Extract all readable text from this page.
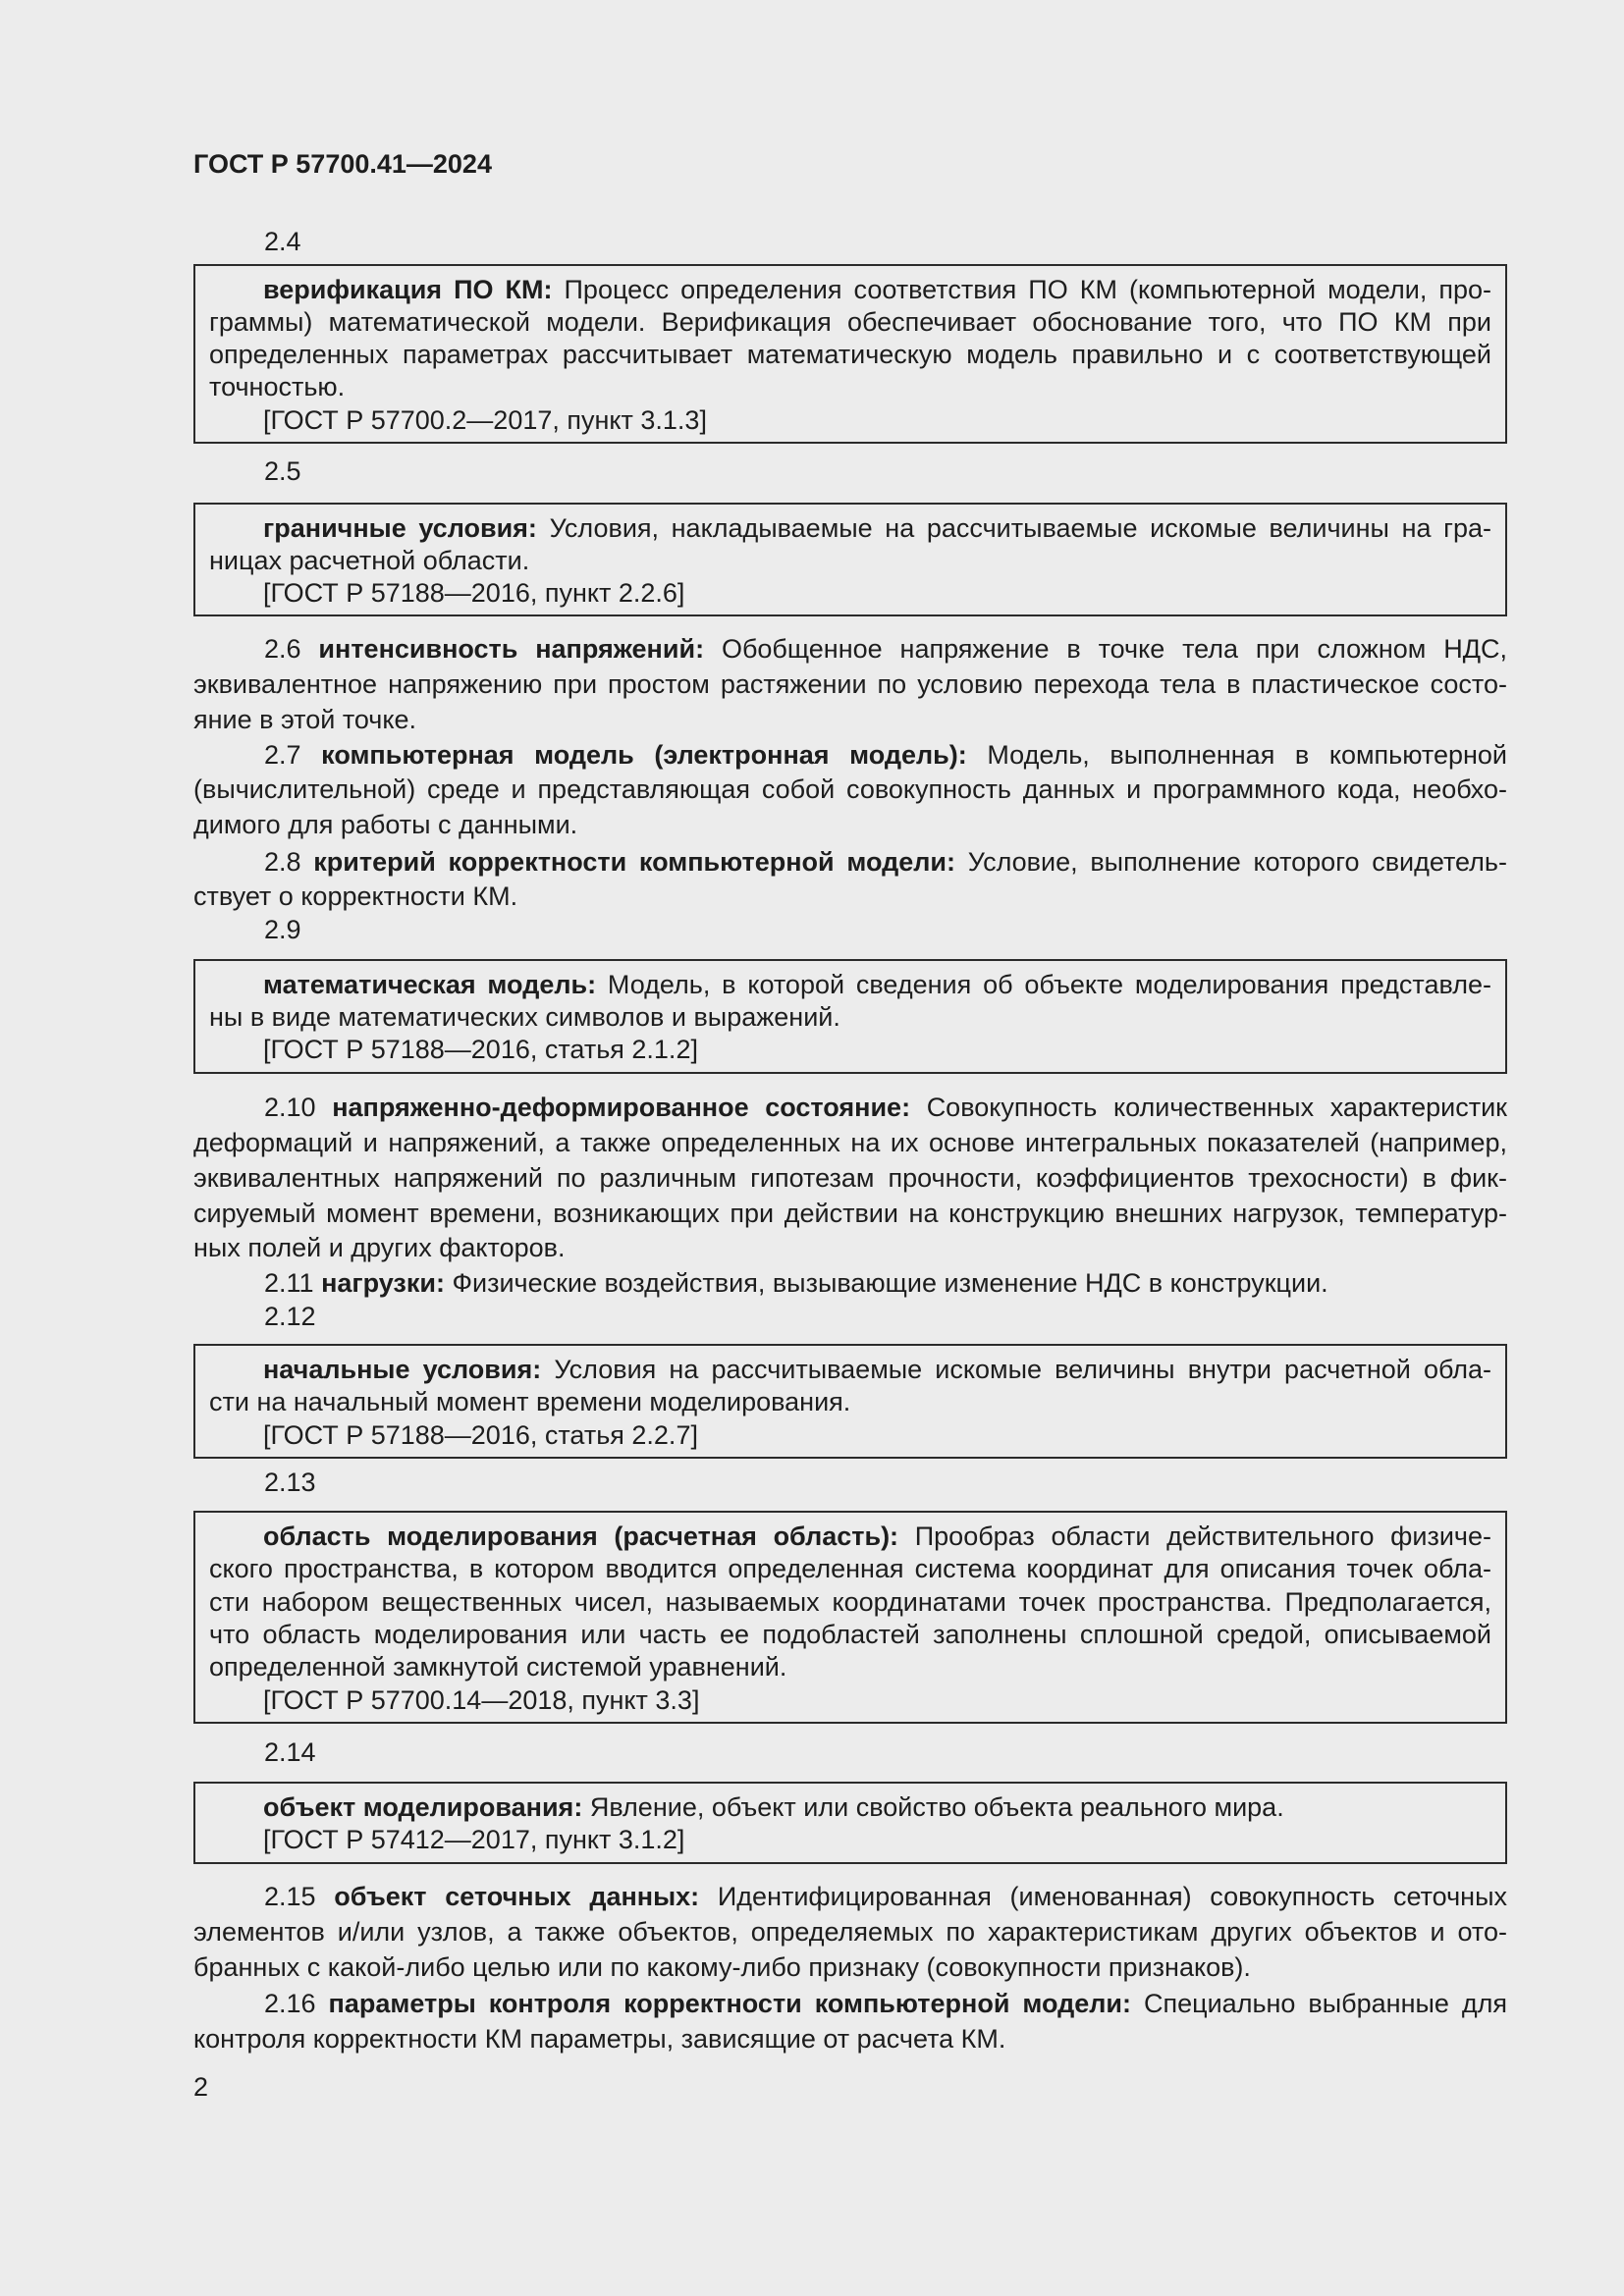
ГОСТ Р 57700.41—2024
2.4
верификация ПО КМ: Процесс определения соответствия ПО КМ (компьютерной модели, про-
граммы) математической модели. Верификация обеспечивает обоснование того, что ПО КМ при
определенных параметрах рассчитывает математическую модель правильно и с соответствующей
точностью.
[ГОСТ Р 57700.2—2017, пункт 3.1.3]
2.5
граничные условия: Условия, накладываемые на рассчитываемые искомые величины на гра-
ницах расчетной области.
[ГОСТ Р 57188—2016, пункт 2.2.6]
2.6 интенсивность напряжений: Обобщенное напряжение в точке тела при сложном НДС,
эквивалентное напряжению при простом растяжении по условию перехода тела в пластическое состо-
яние в этой точке.
2.7 компьютерная модель (электронная модель): Модель, выполненная в компьютерной
(вычислительной) среде и представляющая собой совокупность данных и программного кода, необхо-
димого для работы с данными.
2.8 критерий корректности компьютерной модели: Условие, выполнение которого свидетель-
ствует о корректности КМ.
2.9
математическая модель: Модель, в которой сведения об объекте моделирования представле-
ны в виде математических символов и выражений.
[ГОСТ Р 57188—2016, статья 2.1.2]
2.10 напряженно-деформированное состояние: Совокупность количественных характеристик
деформаций и напряжений, а также определенных на их основе интегральных показателей (например,
эквивалентных напряжений по различным гипотезам прочности, коэффициентов трехосности) в фик-
сируемый момент времени, возникающих при действии на конструкцию внешних нагрузок, температур-
ных полей и других факторов.
2.11 нагрузки: Физические воздействия, вызывающие изменение НДС в конструкции.
2.12
начальные условия: Условия на рассчитываемые искомые величины внутри расчетной обла-
сти на начальный момент времени моделирования.
[ГОСТ Р 57188—2016, статья 2.2.7]
2.13
область моделирования (расчетная область): Прообраз области действительного физиче-
ского пространства, в котором вводится определенная система координат для описания точек обла-
сти набором вещественных чисел, называемых координатами точек пространства. Предполагается,
что область моделирования или часть ее подобластей заполнены сплошной средой, описываемой
определенной замкнутой системой уравнений.
[ГОСТ Р 57700.14—2018, пункт 3.3]
2.14
объект моделирования: Явление, объект или свойство объекта реального мира.
[ГОСТ Р 57412—2017, пункт 3.1.2]
2.15 объект сеточных данных: Идентифицированная (именованная) совокупность сеточных
элементов и/или узлов, а также объектов, определяемых по характеристикам других объектов и ото-
бранных с какой-либо целью или по какому-либо признаку (совокупности признаков).
2.16 параметры контроля корректности компьютерной модели: Специально выбранные для
контроля корректности КМ параметры, зависящие от расчета КМ.
2
